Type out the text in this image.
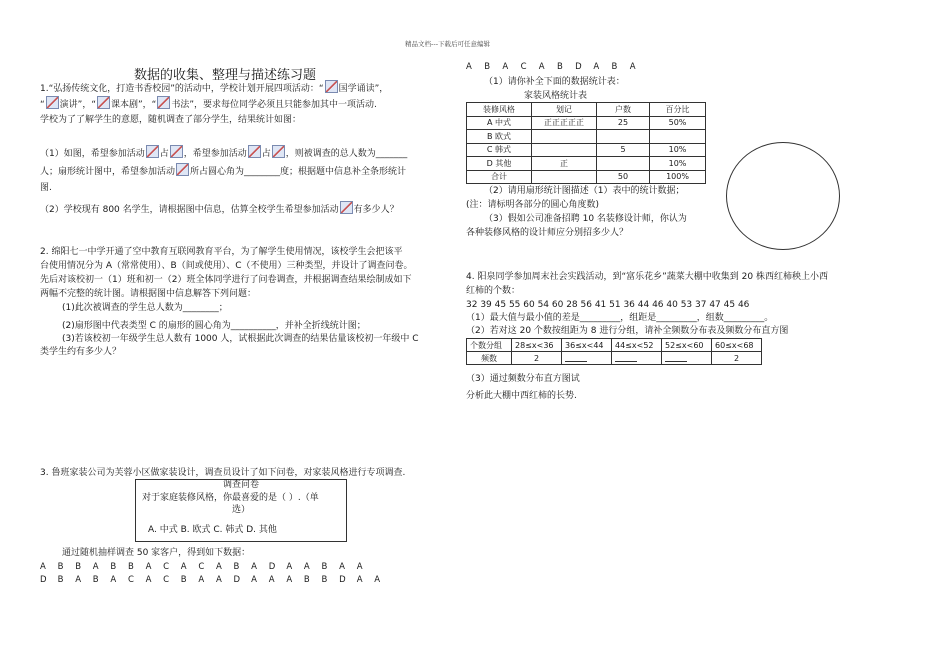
精品文档---下载后可任意编辑
数据的收集、整理与描述练习题
1.“弘扬传统文化，打造书香校园”的活动中，学校计划开展四项活动：“ 国学诵读”，
“ 演讲”，“ 课本剧”，“ 书法”，要求每位同学必须且只能参加其中一项活动.
学校为了了解学生的意愿，随机调查了部分学生，结果统计如图：
（1）如图，希望参加活动 占 ，希望参加活动 占 ，则被调查的总人数为_______
人；扇形统计图中，希望参加活动 所占圆心角为________度；根据题中信息补全条形统计
图.
（2）学校现有 800 名学生，请根据图中信息，估算全校学生希望参加活动 有多少人？
2. 绵阳七一中学开通了空中教育互联网教育平台，为了解学生使用情况，该校学生会把该平
台使用情况分为 A（常常使用）、B（间或使用）、C（不使用）三种类型，并设计了调查问卷。
先后对该校初一（1）班和初一（2）班全体同学进行了问卷调查，并根据调查结果绘制成如下
两幅不完整的统计图。请根据图中信息解答下列问题：
(1)此次被调查的学生总人数为________；
(2)扇形图中代表类型 C 的扇形的圆心角为__________，并补全折线统计图；
(3)若该校初一年级学生总人数有 1000 人，试根据此次调查的结果估量该校初一年级中 C
类学生约有多少人？
3. 鲁班家装公司为芙蓉小区做家装设计，调查员设计了如下问卷，对家装风格进行专项调查.
调查问卷
对于家庭装修风格，你最喜爱的是（ ）.（单
选）
A. 中式 B. 欧式 C. 韩式 D. 其他
通过随机抽样调查 50 家客户，得到如下数据：
A B B A B B A C A C A B A D A A B A A
D B A B A C A C B A A D A A A B B D A A
A B A C A B D A B A
（1）请你补全下面的数据统计表：
家装风格统计表
装修风格	划记	户数	百分比
A 中式	正正正正正	25	50%
B 欧式			
C 韩式		5	10%
D 其他	正		10%
合计		50	100%
（2）请用扇形统计图描述（1）表中的统计数据；
(注：请标明各部分的圆心角度数)
（3）假如公司准备招聘 10 名装修设计师，你认为
各种装修风格的设计师应分别招多少人？
4. 阳泉同学参加周末社会实践活动，到“富乐花乡”蔬菜大棚中收集到 20 株西红柿秧上小西
红柿的个数：
32 39 45 55 60 54 60 28 56 41 51 36 44 46 40 53 37 47 45 46
（1）最大值与最小值的差是_________，组距是_________，组数_________。
（2）若对这 20 个数按组距为 8 进行分组，请补全频数分布表及频数分布直方图
个数分组	28≤x<36	36≤x<44	44≤x<52	52≤x<60	60≤x<68
频数	2				2
（3）通过频数分布直方图试
分析此大棚中西红柿的长势.
